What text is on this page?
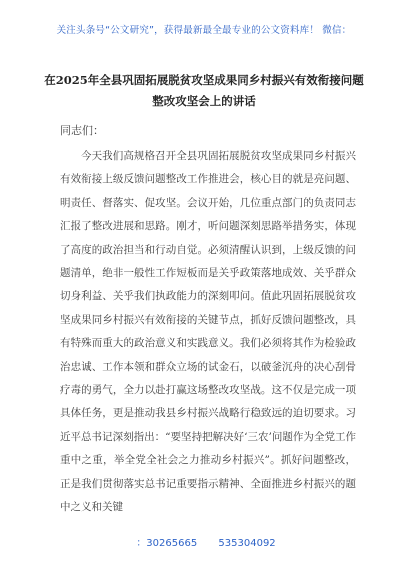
关注头条号“公文研究”，获得最新最全最专业的公文资料库！ 微信：
在2025年全县巩固拓展脱贫攻坚成果同乡村振兴有效衔接问题整改攻坚会上的讲话
同志们：

今天我们高规格召开全县巩固拓展脱贫攻坚成果同乡村振兴有效衔接上级反馈问题整改工作推进会，核心目的就是亮问题、明责任、督落实、促攻坚。会议开始，几位重点部门的负责同志汇报了整改进展和思路。刚才，听问题深刻思路举措务实，体现了高度的政治担当和行动自觉。必须清醒认识到，上级反馈的问题清单，绝非一般性工作短板而是关乎政策落地成效、关乎群众切身利益、关乎我们执政能力的深刻叩问。值此巩固拓展脱贫攻坚成果同乡村振兴有效衔接的关键节点，抓好反馈问题整改，具有特殊而重大的政治意义和实践意义。我们必须将其作为检验政治忠诚、工作本领和群众立场的试金石，以破釜沉舟的决心刮骨疗毒的勇气，全力以赴打赢这场整改攻坚战。这不仅是完成一项具体任务，更是推动我县乡村振兴战略行稳致远的迫切要求。习近平总书记深刻指出：“要坚持把解决好‘三农’问题作为全党工作重中之重，举全党全社会之力推动乡村振兴”。抓好问题整改，正是我们贯彻落实总书记重要指示精神、全面推进乡村振兴的题中之义和关键

：30265665 535304092
